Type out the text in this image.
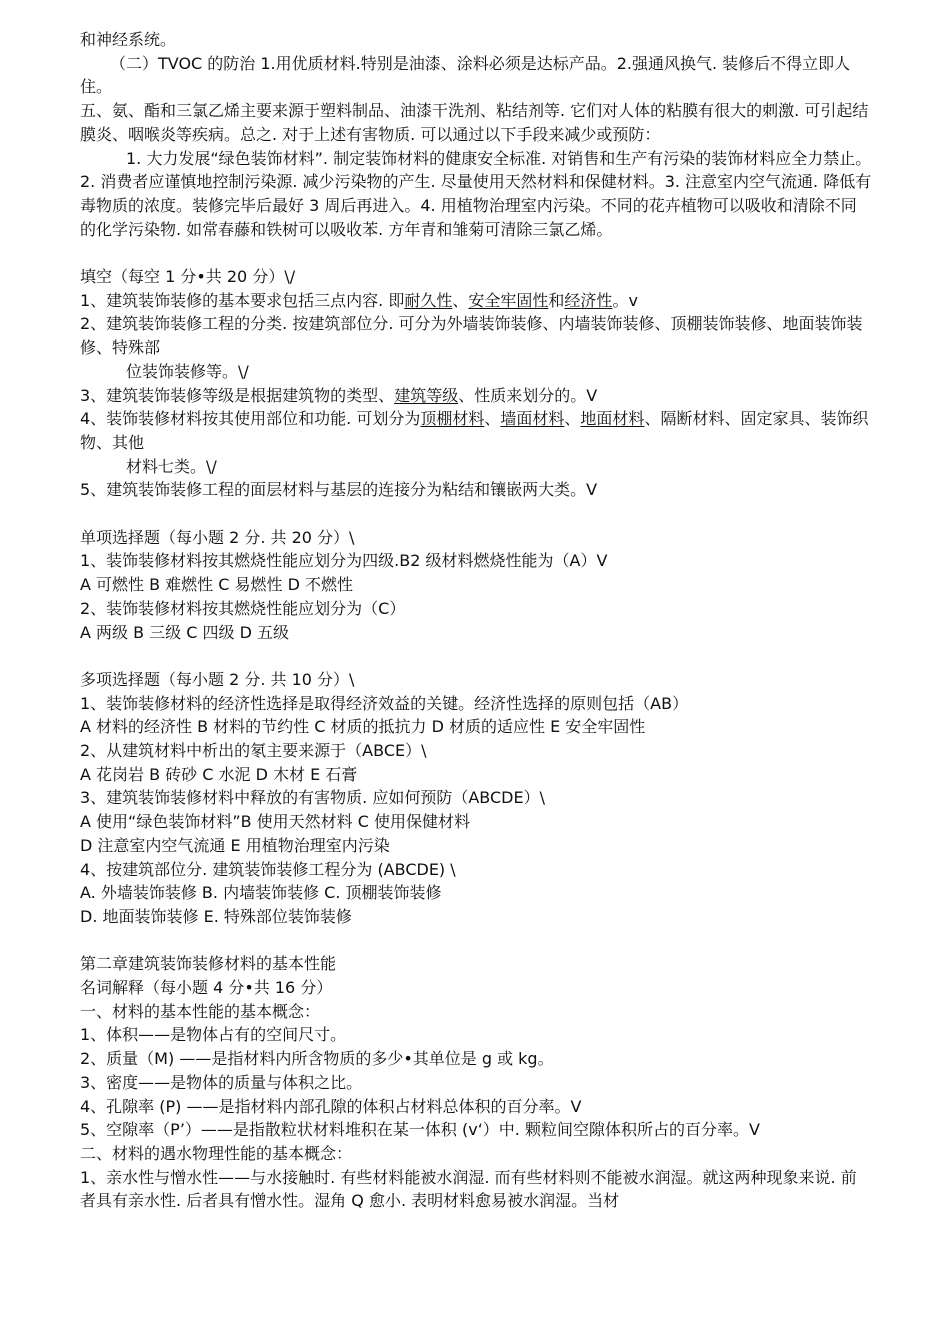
和神经系统。

（二）TVOC 的防治 1.用优质材料.特别是油漆、涂料必须是达标产品。2.强通风换气. 装修后不得立即人住。

五、氨、酯和三氯乙烯主要来源于塑料制品、油漆干洗剂、粘结剂等. 它们对人体的粘膜有很大的刺激. 可引起结膜炎、咽喉炎等疾病。总之. 对于上述有害物质. 可以通过以下手段来减少或预防：

1. 大力发展“绿色装饰材料”. 制定装饰材料的健康安全标准. 对销售和生产有污染的装饰材料应全力禁止。2. 消费者应谨慎地控制污染源. 减少污染物的产生. 尽量使用天然材料和保健材料。3. 注意室内空气流通. 降低有毒物质的浓度。装修完毕后最好 3 周后再进入。4. 用植物治理室内污染。不同的花卉植物可以吸收和清除不同的化学污染物. 如常春藤和铁树可以吸收苯. 方年青和雏菊可清除三氯乙烯。

填空（每空 1 分•共 20 分）\/

1、建筑装饰装修的基本要求包括三点内容. 即耐久性、安全牢固性和经济性。v

2、建筑装饰装修工程的分类. 按建筑部位分. 可分为外墙装饰装修、内墙装饰装修、顶棚装饰装修、地面装饰装修、特殊部

位装饰装修等。\/

3、建筑装饰装修等级是根据建筑物的类型、建筑等级、性质来划分的。V

4、装饰装修材料按其使用部位和功能. 可划分为顶棚材料、墙面材料、地面材料、隔断材料、固定家具、装饰织物、其他

材料七类。\/

5、建筑装饰装修工程的面层材料与基层的连接分为粘结和镶嵌两大类。V

单项选择题（每小题 2 分. 共 20 分）\

1、装饰装修材料按其燃烧性能应划分为四级.B2 级材料燃烧性能为（A）V

A 可燃性 B 难燃性 C 易燃性 D 不燃性

2、装饰装修材料按其燃烧性能应划分为（C）

A 两级 B 三级 C 四级 D 五级

多项选择题（每小题 2 分. 共 10 分）\

1、装饰装修材料的经济性选择是取得经济效益的关键。经济性选择的原则包括（AB）

A 材料的经济性 B 材料的节约性 C 材质的抵抗力 D 材质的适应性 E 安全牢固性

2、从建筑材料中析出的氡主要来源于（ABCE）\

A 花岗岩 B 砖砂 C 水泥 D 木材 E 石膏

3、建筑装饰装修材料中释放的有害物质. 应如何预防（ABCDE）\

A 使用“绿色装饰材料”B 使用天然材料 C 使用保健材料

D 注意室内空气流通 E 用植物治理室内污染

4、按建筑部位分. 建筑装饰装修工程分为 (ABCDE) \

A. 外墙装饰装修 B. 内墙装饰装修 C. 顶棚装饰装修

D. 地面装饰装修 E. 特殊部位装饰装修

第二章建筑装饰装修材料的基本性能

名词解释（每小题 4 分•共 16 分）

一、材料的基本性能的基本概念：

1、体积——是物体占有的空间尺寸。

2、质量（M) ——是指材料内所含物质的多少•其单位是 g 或 kg。

3、密度——是物体的质量与体积之比。

4、孔隙率 (P) ——是指材料内部孔隙的体积占材料总体积的百分率。V

5、空隙率（P’）——是指散粒状材料堆积在某一体积 (v‘）中. 颗粒间空隙体积所占的百分率。V

二、材料的遇水物理性能的基本概念：

1、亲水性与憎水性——与水接触时. 有些材料能被水润湿. 而有些材料则不能被水润湿。就这两种现象来说. 前者具有亲水性. 后者具有憎水性。湿角 Q 愈小. 表明材料愈易被水润湿。当材
